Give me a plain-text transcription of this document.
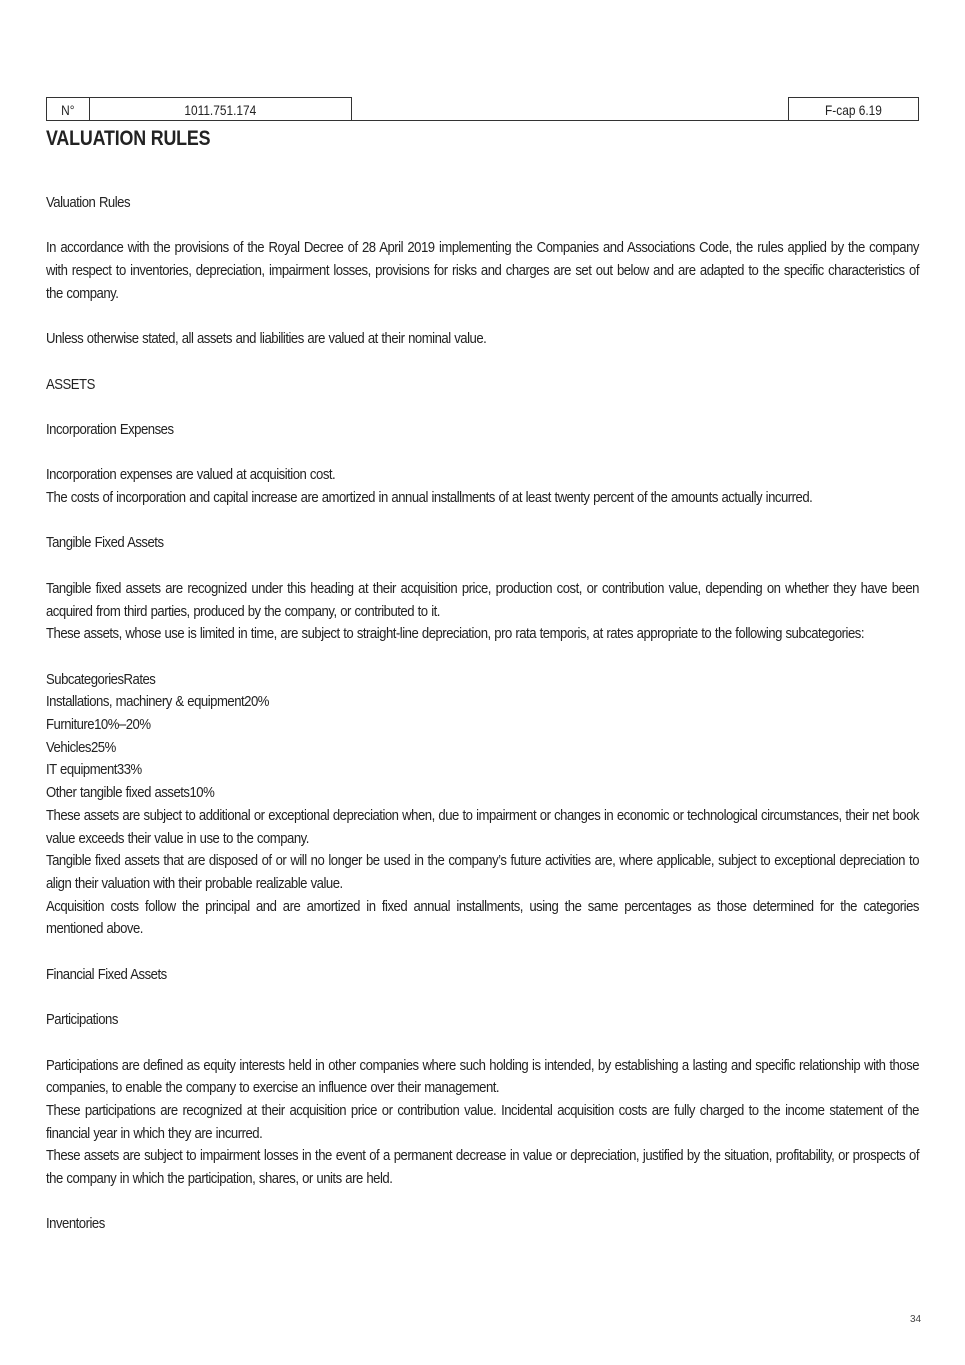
N°	1011.751.174	F-cap 6.19
VALUATION RULES
Valuation Rules
In accordance with the provisions of the Royal Decree of 28 April 2019 implementing the Companies and Associations Code, the rules applied by the company with respect to inventories, depreciation, impairment losses, provisions for risks and charges are set out below and are adapted to the specific characteristics of the company.
Unless otherwise stated, all assets and liabilities are valued at their nominal value.
ASSETS
Incorporation Expenses
Incorporation expenses are valued at acquisition cost.
The costs of incorporation and capital increase are amortized in annual installments of at least twenty percent of the amounts actually incurred.
Tangible Fixed Assets
Tangible fixed assets are recognized under this heading at their acquisition price, production cost, or contribution value, depending on whether they have been acquired from third parties, produced by the company, or contributed to it.
These assets, whose use is limited in time, are subject to straight-line depreciation, pro rata temporis, at rates appropriate to the following subcategories:
SubcategoriesRates
Installations, machinery & equipment20%
Furniture10%–20%
Vehicles25%
IT equipment33%
Other tangible fixed assets10%
These assets are subject to additional or exceptional depreciation when, due to impairment or changes in economic or technological circumstances, their net book value exceeds their value in use to the company.
Tangible fixed assets that are disposed of or will no longer be used in the company’s future activities are, where applicable, subject to exceptional depreciation to align their valuation with their probable realizable value.
Acquisition costs follow the principal and are amortized in fixed annual installments, using the same percentages as those determined for the categories mentioned above.
Financial Fixed Assets
Participations
Participations are defined as equity interests held in other companies where such holding is intended, by establishing a lasting and specific relationship with those companies, to enable the company to exercise an influence over their management.
These participations are recognized at their acquisition price or contribution value. Incidental acquisition costs are fully charged to the income statement of the financial year in which they are incurred.
These assets are subject to impairment losses in the event of a permanent decrease in value or depreciation, justified by the situation, profitability, or prospects of the company in which the participation, shares, or units are held.
Inventories
34
